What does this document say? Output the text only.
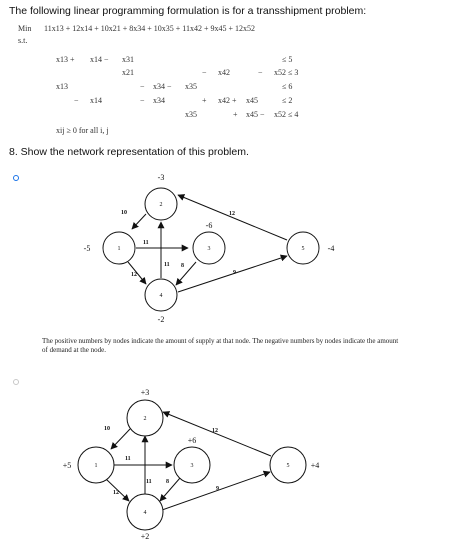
The following linear programming formulation is for a transshipment problem:
Min 11x13 + 12x14 + 10x21 + 8x34 + 10x35 + 11x42 + 9x45 + 12x52
s.t.
x13 + x14 − x31	≤ 5
x21	− x42	− x52 ≤ 3
x13	− x34 − x35	≤ 6
− x14	− x34	+ x42 + x45	≤ 2
x35	+ x45 − x52 ≤ 4
xij ≥ 0 for all i, j
8. Show the network representation of this problem.
The positive numbers by nodes indicate the amount of supply at that node. The negative numbers by nodes indicate the amount of demand at the node.
10	12
11
12
11 8
9
2
1	3	5
4
-3
-5
-6
-4
-2
10	12
11
12
11 8
9
2
1	3	5
4
+3
+5
+6
+4
+2
